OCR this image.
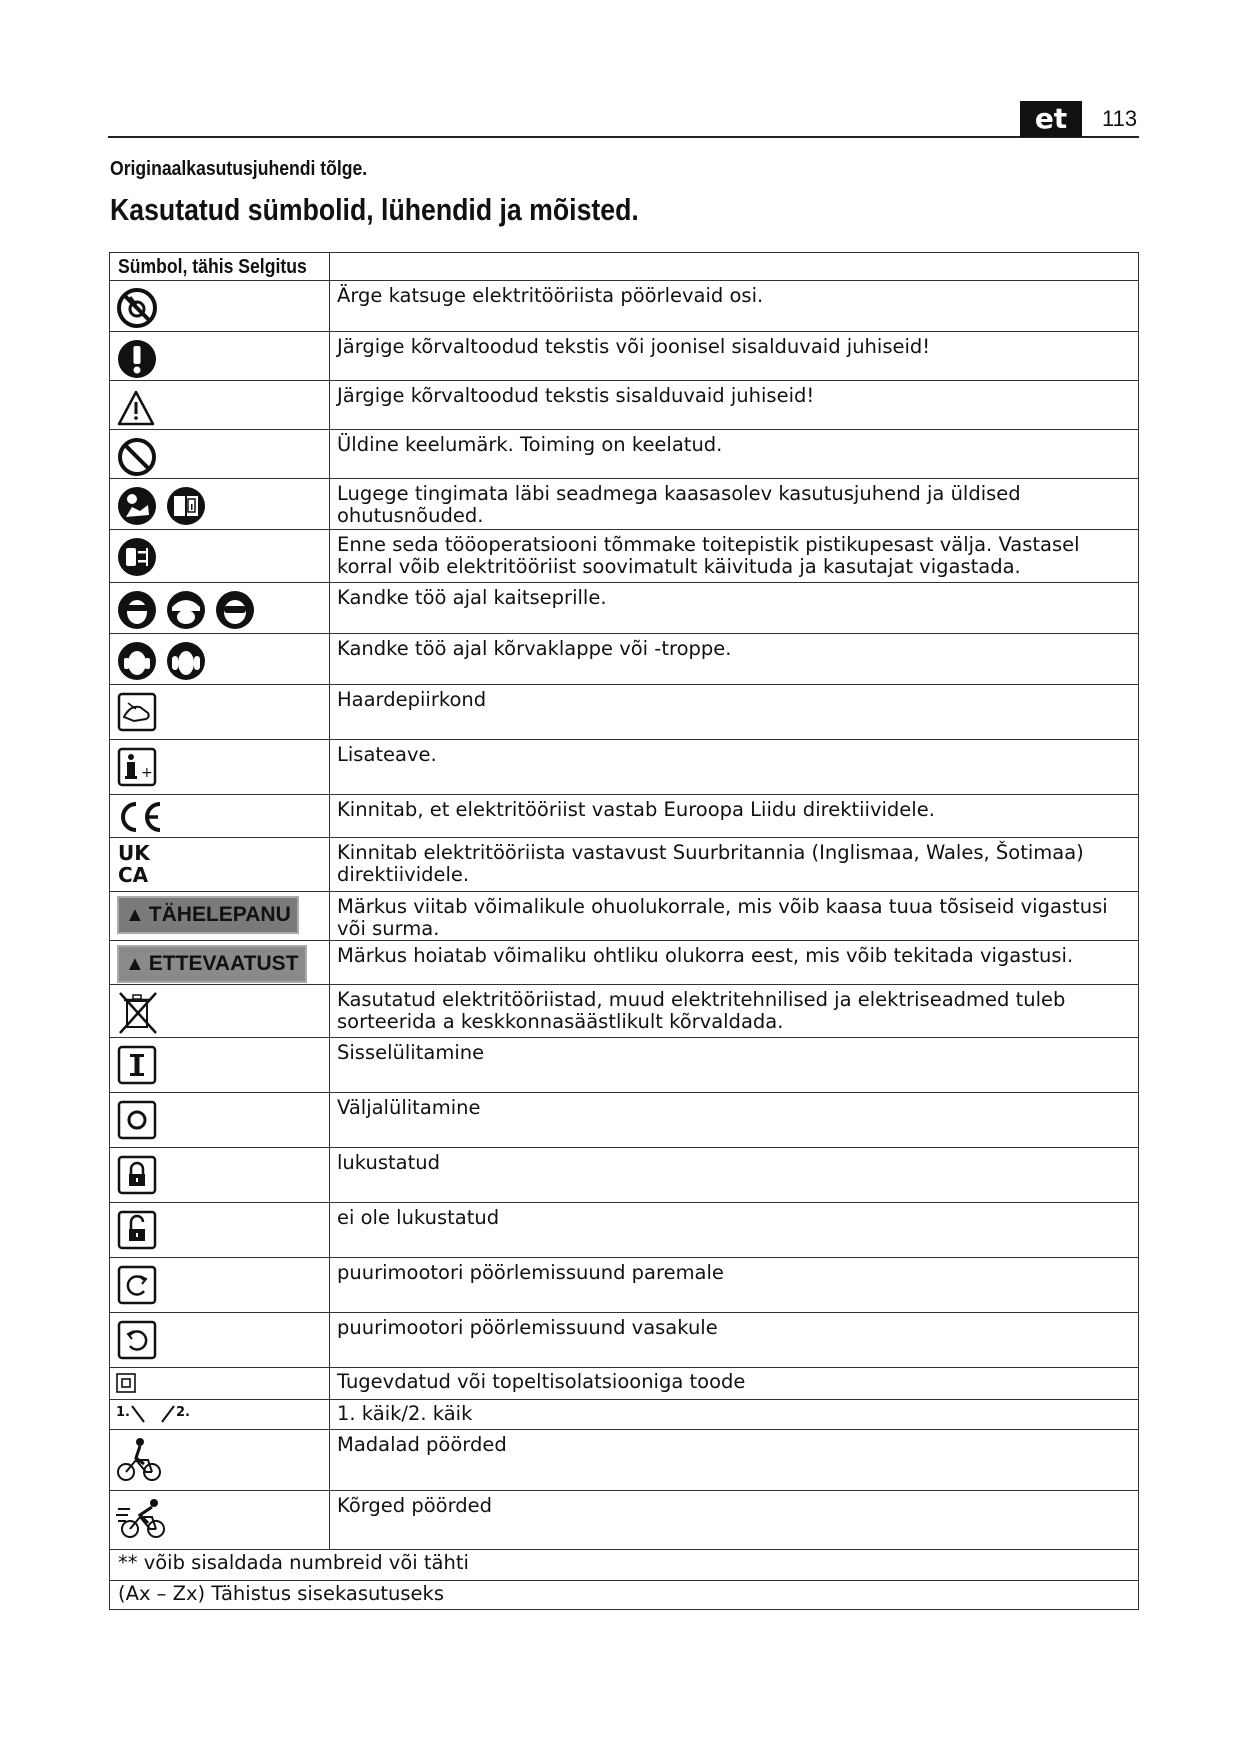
et	113
Originaalkasutusjuhendi tõlge.
Kasutatud sümbolid, lühendid ja mõisted.
Sümbol, tähis Selgitus	

	Ärge katsuge elektritööriista pöörlevaid osi.

	Järgige kõrvaltoodud tekstis või joonisel sisalduvaid juhiseid!

	Järgige kõrvaltoodud tekstis sisalduvaid juhiseid!

	Üldine keelumärk. Toiming on keelatud.

	Lugege tingimata läbi seadmega kaasasolev kasutusjuhend ja üldised ohutusnõuded.

	Enne seda tööoperatsiooni tõmmake toitepistik pistikupesast välja. Vastasel korral võib elektritööriist soovimatult käivituda ja kasutajat vigastada.

	Kandke töö ajal kaitseprille.

	Kandke töö ajal kõrvaklappe või -troppe.

	Haardepiirkond

+	Lisateave.

	Kinnitab, et elektritööriist vastab Euroopa Liidu direktiividele.

UK
CA	Kinnitab elektritööriista vastavust Suurbritannia (Inglismaa, Wales, Šotimaa) direktiividele.
▲ TÄHELEPANU	Märkus viitab võimalikule ohuolukorrale, mis võib kaasa tuua tõsiseid vigastusi või surma.
▲ ETTEVAATUST	Märkus hoiatab võimaliku ohtliku olukorra eest, mis võib tekitada vigastusi.

	Kasutatud elektritööriistad, muud elektritehnilised ja elektriseadmed tuleb sorteerida a keskkonnasäästlikult kõrvaldada.

	Sisselülitamine

	Väljalülitamine

	lukustatud

	ei ole lukustatud

	puurimootori pöörlemissuund paremale

	puurimootori pöörlemissuund vasakule

	Tugevdatud või topeltisolatsiooniga toode

1. 2.	1. käik/2. käik

	Madalad pöörded

	Kõrged pöörded
** võib sisaldada numbreid või tähti	
(Ax – Zx) Tähistus sisekasutuseks	
